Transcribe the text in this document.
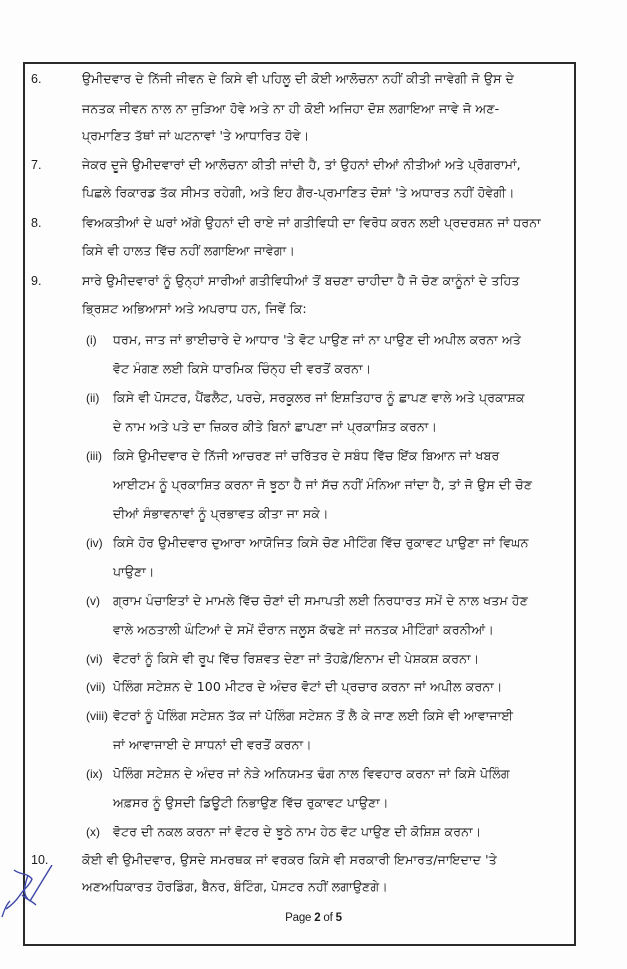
6.	ਉਮੀਦਵਾਰ ਦੇ ਨਿੱਜੀ ਜੀਵਨ ਦੇ ਕਿਸੇ ਵੀ ਪਹਿਲੂ ਦੀ ਕੋਈ ਆਲੋਚਨਾ ਨਹੀਂ ਕੀਤੀ ਜਾਵੇਗੀ ਜੋ ਉਸ ਦੇ
ਜਨਤਕ ਜੀਵਨ ਨਾਲ ਨਾ ਜੁੜਿਆ ਹੋਵੇ ਅਤੇ ਨਾ ਹੀ ਕੋਈ ਅਜਿਹਾ ਦੋਸ਼ ਲਗਾਇਆ ਜਾਵੇ ਜੋ ਅਣ-
ਪ੍ਰਮਾਣਿਤ ਤੱਥਾਂ ਜਾਂ ਘਟਨਾਵਾਂ 'ਤੇ ਆਧਾਰਿਤ ਹੋਵੇ।
7.	ਜੇਕਰ ਦੂਜੇ ਉਮੀਦਵਾਰਾਂ ਦੀ ਆਲੋਚਨਾ ਕੀਤੀ ਜਾਂਦੀ ਹੈ, ਤਾਂ ਉਹਨਾਂ ਦੀਆਂ ਨੀਤੀਆਂ ਅਤੇ ਪ੍ਰੋਗਰਾਮਾਂ,
ਪਿਛਲੇ ਰਿਕਾਰਡ ਤੱਕ ਸੀਮਤ ਰਹੇਗੀ, ਅਤੇ ਇਹ ਗੈਰ-ਪ੍ਰਮਾਣਿਤ ਦੋਸ਼ਾਂ 'ਤੇ ਅਧਾਰਤ ਨਹੀਂ ਹੋਵੇਗੀ।
8.	ਵਿਅਕਤੀਆਂ ਦੇ ਘਰਾਂ ਅੱਗੇ ਉਹਨਾਂ ਦੀ ਰਾਏ ਜਾਂ ਗਤੀਵਿਧੀ ਦਾ ਵਿਰੋਧ ਕਰਨ ਲਈ ਪ੍ਰਦਰਸ਼ਨ ਜਾਂ ਧਰਨਾ
ਕਿਸੇ ਵੀ ਹਾਲਤ ਵਿੱਚ ਨਹੀਂ ਲਗਾਇਆ ਜਾਵੇਗਾ।
9.	ਸਾਰੇ ਉਮੀਦਵਾਰਾਂ ਨੂੰ ਉਨ੍ਹਾਂ ਸਾਰੀਆਂ ਗਤੀਵਿਧੀਆਂ ਤੋਂ ਬਚਣਾ ਚਾਹੀਦਾ ਹੈ ਜੋ ਚੋਣ ਕਾਨੂੰਨਾਂ ਦੇ ਤਹਿਤ
ਭ੍ਰਿਸ਼ਟ ਅਭਿਆਸਾਂ ਅਤੇ ਅਪਰਾਧ ਹਨ, ਜਿਵੇਂ ਕਿ:
(i) ਧਰਮ, ਜਾਤ ਜਾਂ ਭਾਈਚਾਰੇ ਦੇ ਆਧਾਰ 'ਤੇ ਵੋਟ ਪਾਉਣ ਜਾਂ ਨਾ ਪਾਉਣ ਦੀ ਅਪੀਲ ਕਰਨਾ ਅਤੇ
ਵੋਟ ਮੰਗਣ ਲਈ ਕਿਸੇ ਧਾਰਮਿਕ ਚਿੰਨ੍ਹ ਦੀ ਵਰਤੋਂ ਕਰਨਾ।
(ii) ਕਿਸੇ ਵੀ ਪੋਸਟਰ, ਪੈਂਫਲੈਟ, ਪਰਚੇ, ਸਰਕੂਲਰ ਜਾਂ ਇਸ਼ਤਿਹਾਰ ਨੂੰ ਛਾਪਣ ਵਾਲੇ ਅਤੇ ਪ੍ਰਕਾਸ਼ਕ
ਦੇ ਨਾਮ ਅਤੇ ਪਤੇ ਦਾ ਜ਼ਿਕਰ ਕੀਤੇ ਬਿਨਾਂ ਛਾਪਣਾ ਜਾਂ ਪ੍ਰਕਾਸ਼ਿਤ ਕਰਨਾ।
(iii) ਕਿਸੇ ਉਮੀਦਵਾਰ ਦੇ ਨਿੱਜੀ ਆਚਰਣ ਜਾਂ ਚਰਿੱਤਰ ਦੇ ਸਬੰਧ ਵਿੱਚ ਇੱਕ ਬਿਆਨ ਜਾਂ ਖਬਰ
ਆਈਟਮ ਨੂੰ ਪ੍ਰਕਾਸ਼ਿਤ ਕਰਨਾ ਜੋ ਝੂਠਾ ਹੈ ਜਾਂ ਸੱਚ ਨਹੀਂ ਮੰਨਿਆ ਜਾਂਦਾ ਹੈ, ਤਾਂ ਜੋ ਉਸ ਦੀ ਚੋਣ
ਦੀਆਂ ਸੰਭਾਵਨਾਵਾਂ ਨੂੰ ਪ੍ਰਭਾਵਤ ਕੀਤਾ ਜਾ ਸਕੇ।
(iv) ਕਿਸੇ ਹੋਰ ਉਮੀਦਵਾਰ ਦੁਆਰਾ ਆਯੋਜਿਤ ਕਿਸੇ ਚੋਣ ਮੀਟਿੰਗ ਵਿੱਚ ਰੁਕਾਵਟ ਪਾਉਣਾ ਜਾਂ ਵਿਘਨ
ਪਾਉਣਾ।
(v) ਗ੍ਰਾਮ ਪੰਚਾਇਤਾਂ ਦੇ ਮਾਮਲੇ ਵਿੱਚ ਚੋਣਾਂ ਦੀ ਸਮਾਪਤੀ ਲਈ ਨਿਰਧਾਰਤ ਸਮੇਂ ਦੇ ਨਾਲ ਖਤਮ ਹੋਣ
ਵਾਲੇ ਅਠਤਾਲੀ ਘੰਟਿਆਂ ਦੇ ਸਮੇਂ ਦੌਰਾਨ ਜਲੂਸ ਕੱਢਣੇ ਜਾਂ ਜਨਤਕ ਮੀਟਿੰਗਾਂ ਕਰਨੀਆਂ।
(vi) ਵੋਟਰਾਂ ਨੂੰ ਕਿਸੇ ਵੀ ਰੂਪ ਵਿੱਚ ਰਿਸ਼ਵਤ ਦੇਣਾ ਜਾਂ ਤੋਹਫ਼ੇ/ਇਨਾਮ ਦੀ ਪੇਸ਼ਕਸ਼ ਕਰਨਾ।
(vii) ਪੋਲਿੰਗ ਸਟੇਸ਼ਨ ਦੇ 100 ਮੀਟਰ ਦੇ ਅੰਦਰ ਵੋਟਾਂ ਦੀ ਪ੍ਰਚਾਰ ਕਰਨਾ ਜਾਂ ਅਪੀਲ ਕਰਨਾ।
(viii) ਵੋਟਰਾਂ ਨੂੰ ਪੋਲਿੰਗ ਸਟੇਸ਼ਨ ਤੱਕ ਜਾਂ ਪੋਲਿੰਗ ਸਟੇਸ਼ਨ ਤੋਂ ਲੈ ਕੇ ਜਾਣ ਲਈ ਕਿਸੇ ਵੀ ਆਵਾਜਾਈ
ਜਾਂ ਆਵਾਜਾਈ ਦੇ ਸਾਧਨਾਂ ਦੀ ਵਰਤੋਂ ਕਰਨਾ।
(ix) ਪੋਲਿੰਗ ਸਟੇਸ਼ਨ ਦੇ ਅੰਦਰ ਜਾਂ ਨੇੜੇ ਅਨਿਯਮਤ ਢੰਗ ਨਾਲ ਵਿਵਹਾਰ ਕਰਨਾ ਜਾਂ ਕਿਸੇ ਪੋਲਿੰਗ
ਅਫ਼ਸਰ ਨੂੰ ਉਸਦੀ ਡਿਊਟੀ ਨਿਭਾਉਣ ਵਿੱਚ ਰੁਕਾਵਟ ਪਾਉਣਾ।
(x) ਵੋਟਰ ਦੀ ਨਕਲ ਕਰਨਾ ਜਾਂ ਵੋਟਰ ਦੇ ਝੂਠੇ ਨਾਮ ਹੇਠ ਵੋਟ ਪਾਉਣ ਦੀ ਕੋਸ਼ਿਸ਼ ਕਰਨਾ।
10.	ਕੋਈ ਵੀ ਉਮੀਦਵਾਰ, ਉਸਦੇ ਸਮਰਥਕ ਜਾਂ ਵਰਕਰ ਕਿਸੇ ਵੀ ਸਰਕਾਰੀ ਇਮਾਰਤ/ਜਾਇਦਾਦ 'ਤੇ
ਅਣਅਧਿਕਾਰਤ ਹੋਰਡਿੰਗ, ਬੈਨਰ, ਬੰਟਿੰਗ, ਪੋਸਟਰ ਨਹੀਂ ਲਗਾਉਣਗੇ।
Page 2 of 5
